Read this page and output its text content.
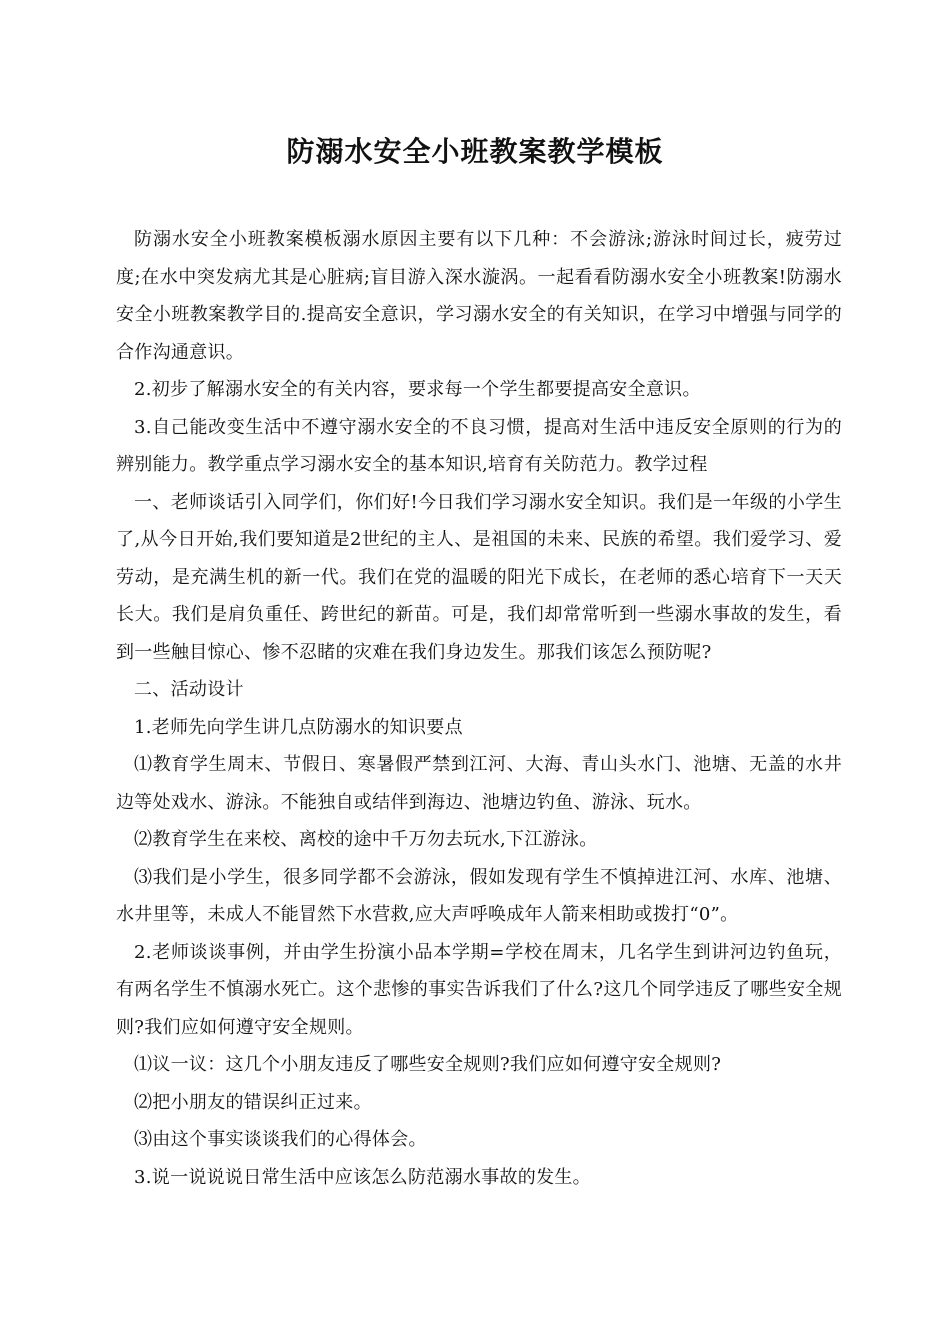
防溺水安全小班教案教学模板

防溺水安全小班教案模板溺水原因主要有以下几种：不会游泳;游泳时间过长，疲劳过度;在水中突发病尤其是心脏病;盲目游入深水漩涡。一起看看防溺水安全小班教案!防溺水安全小班教案教学目的.提高安全意识，学习溺水安全的有关知识，在学习中增强与同学的合作沟通意识。

2.初步了解溺水安全的有关内容，要求每一个学生都要提高安全意识。

3.自己能改变生活中不遵守溺水安全的不良习惯，提高对生活中违反安全原则的行为的辨别能力。教学重点学习溺水安全的基本知识,培育有关防范力。教学过程

一、老师谈话引入同学们，你们好!今日我们学习溺水安全知识。我们是一年级的小学生了,从今日开始,我们要知道是2世纪的主人、是祖国的未来、民族的希望。我们爱学习、爱劳动，是充满生机的新一代。我们在党的温暖的阳光下成长，在老师的悉心培育下一天天长大。我们是肩负重任、跨世纪的新苗。可是，我们却常常听到一些溺水事故的发生，看到一些触目惊心、惨不忍睹的灾难在我们身边发生。那我们该怎么预防呢?

二、活动设计

1.老师先向学生讲几点防溺水的知识要点

⑴教育学生周末、节假日、寒暑假严禁到江河、大海、青山头水门、池塘、无盖的水井边等处戏水、游泳。不能独自或结伴到海边、池塘边钓鱼、游泳、玩水。

⑵教育学生在来校、离校的途中千万勿去玩水,下江游泳。

⑶我们是小学生，很多同学都不会游泳，假如发现有学生不慎掉进江河、水库、池塘、水井里等，未成人不能冒然下水营救,应大声呼唤成年人箭来相助或拨打“0”。

2.老师谈谈事例，并由学生扮演小品本学期=学校在周末，几名学生到讲河边钓鱼玩，有两名学生不慎溺水死亡。这个悲惨的事实告诉我们了什么?这几个同学违反了哪些安全规则?我们应如何遵守安全规则。

⑴议一议：这几个小朋友违反了哪些安全规则?我们应如何遵守安全规则?

⑵把小朋友的错误纠正过来。

⑶由这个事实谈谈我们的心得体会。

3.说一说说说日常生活中应该怎么防范溺水事故的发生。
